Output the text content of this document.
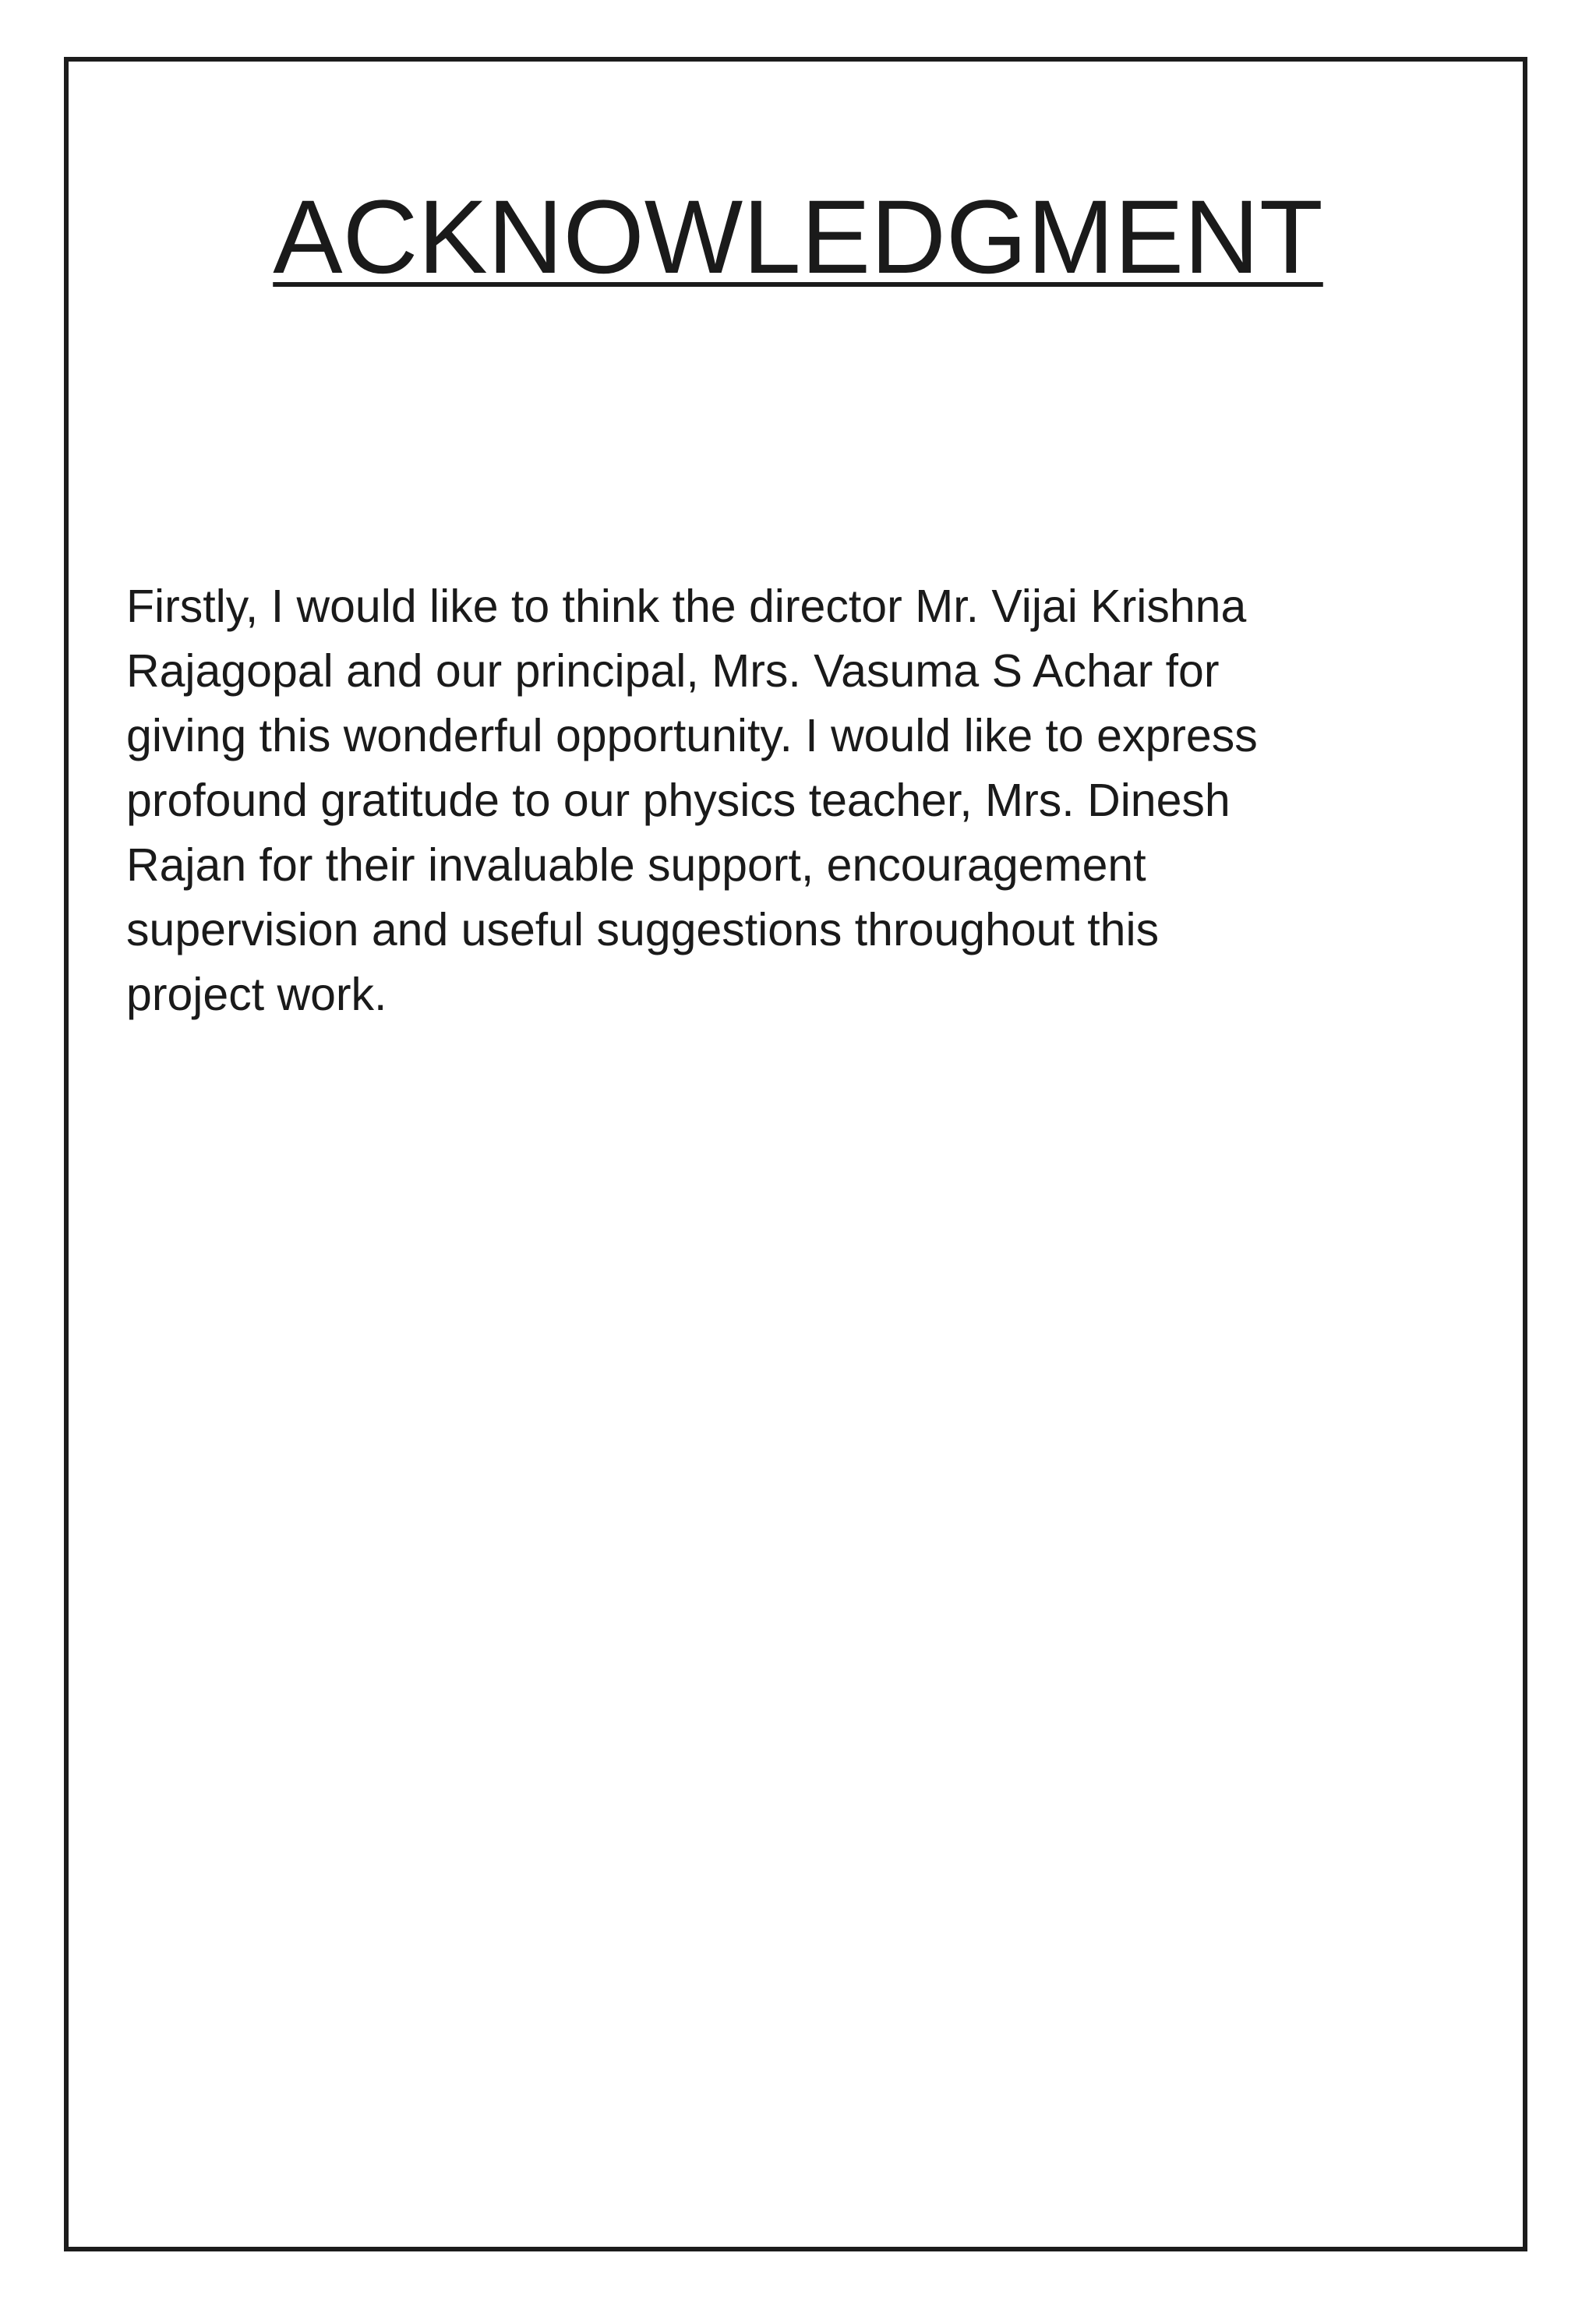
ACKNOWLEDGMENT

Firstly, I would like to think the director Mr. Vijai Krishna
Rajagopal and our principal, Mrs. Vasuma S Achar for
giving this wonderful opportunity. I would like to express
profound gratitude to our physics teacher, Mrs. Dinesh
Rajan for their invaluable support, encouragement
supervision and useful suggestions throughout this
project work.
